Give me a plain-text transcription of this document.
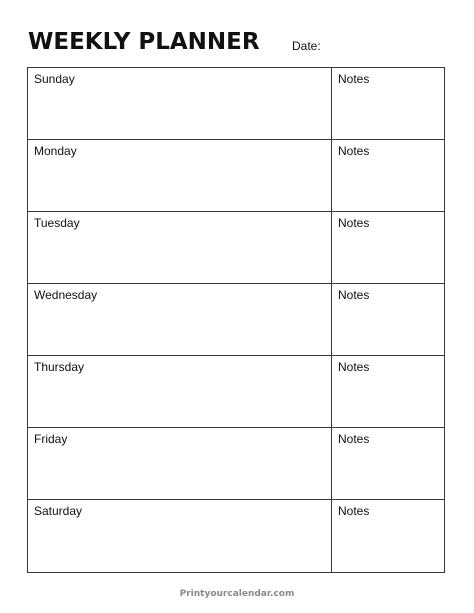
WEEKLY PLANNER	Date:
Sunday	Notes
Monday	Notes
Tuesday	Notes
Wednesday	Notes
Thursday	Notes
Friday	Notes
Saturday	Notes
Printyourcalendar.com
